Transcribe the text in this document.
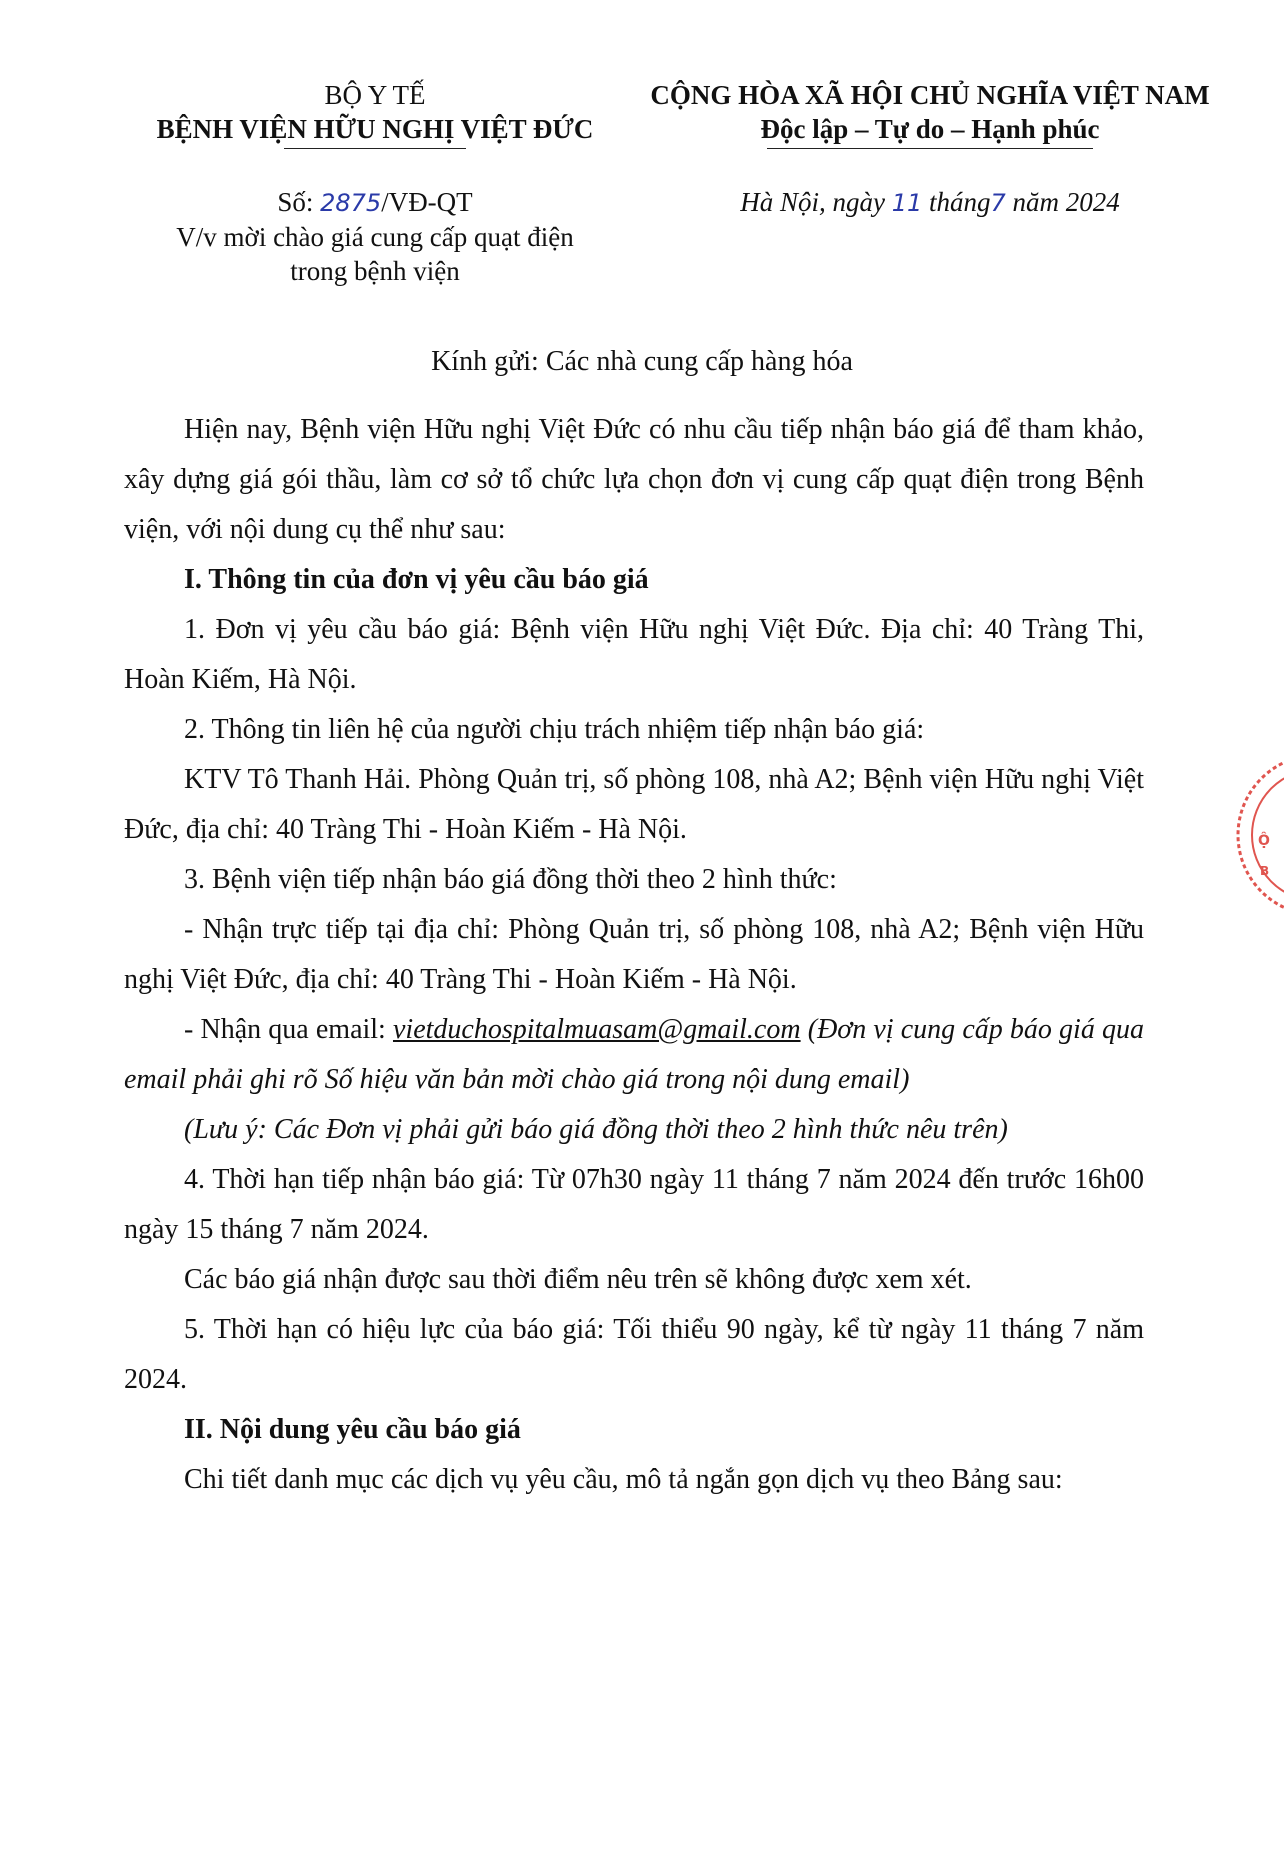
BỘ Y TẾ
BỆNH VIỆN HỮU NGHỊ VIỆT ĐỨC
CỘNG HÒA XÃ HỘI CHỦ NGHĨA VIỆT NAM
Độc lập – Tự do – Hạnh phúc
Số: 2875/VĐ-QT
V/v mời chào giá cung cấp quạt điện
trong bệnh viện
Hà Nội, ngày 11 tháng7 năm 2024
Kính gửi: Các nhà cung cấp hàng hóa

Hiện nay, Bệnh viện Hữu nghị Việt Đức có nhu cầu tiếp nhận báo giá để tham khảo, xây dựng giá gói thầu, làm cơ sở tổ chức lựa chọn đơn vị cung cấp quạt điện trong Bệnh viện, với nội dung cụ thể như sau:

I. Thông tin của đơn vị yêu cầu báo giá

1. Đơn vị yêu cầu báo giá: Bệnh viện Hữu nghị Việt Đức. Địa chỉ: 40 Tràng Thi, Hoàn Kiếm, Hà Nội.

2. Thông tin liên hệ của người chịu trách nhiệm tiếp nhận báo giá:

KTV Tô Thanh Hải. Phòng Quản trị, số phòng 108, nhà A2; Bệnh viện Hữu nghị Việt Đức, địa chỉ: 40 Tràng Thi - Hoàn Kiếm - Hà Nội.

3. Bệnh viện tiếp nhận báo giá đồng thời theo 2 hình thức:

- Nhận trực tiếp tại địa chỉ: Phòng Quản trị, số phòng 108, nhà A2; Bệnh viện Hữu nghị Việt Đức, địa chỉ: 40 Tràng Thi - Hoàn Kiếm - Hà Nội.

- Nhận qua email: vietduchospitalmuasam@gmail.com (Đơn vị cung cấp báo giá qua email phải ghi rõ Số hiệu văn bản mời chào giá trong nội dung email)

(Lưu ý: Các Đơn vị phải gửi báo giá đồng thời theo 2 hình thức nêu trên)

4. Thời hạn tiếp nhận báo giá: Từ 07h30 ngày 11 tháng 7 năm 2024 đến trước 16h00 ngày 15 tháng 7 năm 2024.

Các báo giá nhận được sau thời điểm nêu trên sẽ không được xem xét.

5. Thời hạn có hiệu lực của báo giá: Tối thiểu 90 ngày, kể từ ngày 11 tháng 7 năm 2024.

II. Nội dung yêu cầu báo giá

Chi tiết danh mục các dịch vụ yêu cầu, mô tả ngắn gọn dịch vụ theo Bảng sau:

Ộ
B
